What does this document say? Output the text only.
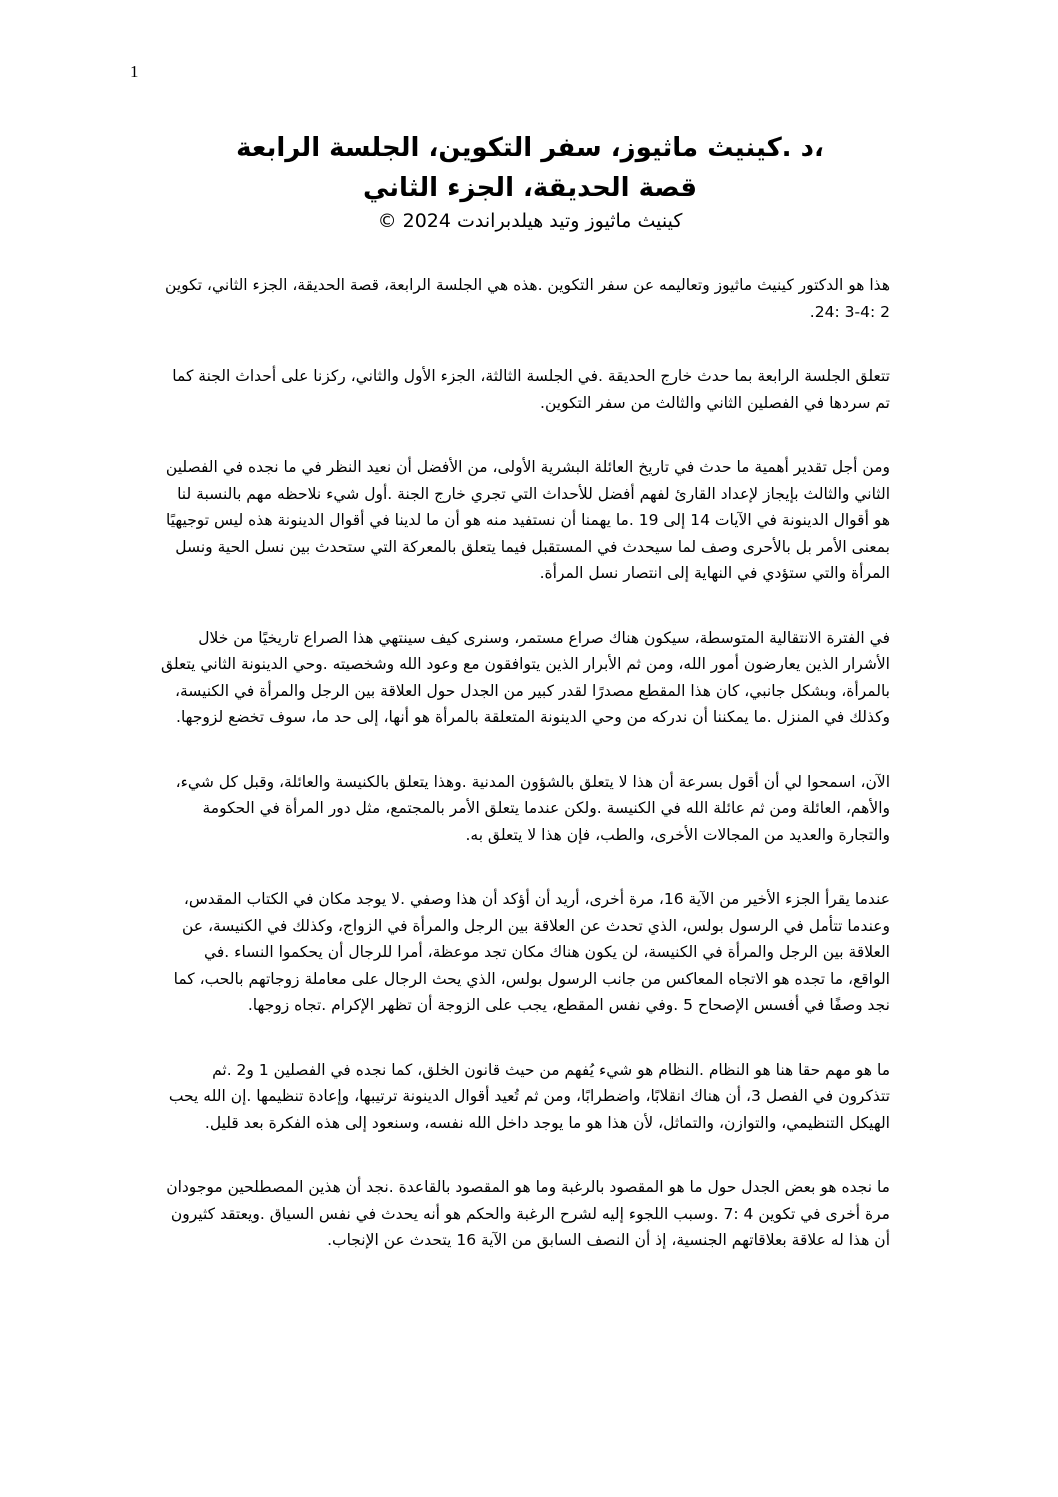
1

،د .كينيث ماثيوز، سفر التكوين، الجلسة الرابعة

قصة الحديقة، الجزء الثاني

كينيث ماثيوز وتيد هيلدبراندت 2024 ©

هذا هو الدكتور كينيث ماثيوز وتعاليمه عن سفر التكوين .هذه هي الجلسة الرابعة، قصة الحديقة، الجزء الثاني، تكوين 2 :4-3 :24.

تتعلق الجلسة الرابعة بما حدث خارج الحديقة .في الجلسة الثالثة، الجزء الأول والثاني، ركزنا على أحداث الجنة كما تم سردها في الفصلين الثاني والثالث من سفر التكوين.

ومن أجل تقدير أهمية ما حدث في تاريخ العائلة البشرية الأولى، من الأفضل أن نعيد النظر في ما نجده في الفصلين الثاني والثالث بإيجاز لإعداد القارئ لفهم أفضل للأحداث التي تجري خارج الجنة .أول شيء نلاحظه مهم بالنسبة لنا هو أقوال الدينونة في الآيات 14 إلى 19 .ما يهمنا أن نستفيد منه هو أن ما لدينا في أقوال الدينونة هذه ليس توجيهيًا بمعنى الأمر بل بالأحرى وصف لما سيحدث في المستقبل فيما يتعلق بالمعركة التي ستحدث بين نسل الحية ونسل المرأة والتي ستؤدي في النهاية إلى انتصار نسل المرأة.

في الفترة الانتقالية المتوسطة، سيكون هناك صراع مستمر، وسنرى كيف سينتهي هذا الصراع تاريخيًا من خلال الأشرار الذين يعارضون أمور الله، ومن ثم الأبرار الذين يتوافقون مع وعود الله وشخصيته .وحي الدينونة الثاني يتعلق بالمرأة، وبشكل جانبي، كان هذا المقطع مصدرًا لقدر كبير من الجدل حول العلاقة بين الرجل والمرأة في الكنيسة، وكذلك في المنزل .ما يمكننا أن ندركه من وحي الدينونة المتعلقة بالمرأة هو أنها، إلى حد ما، سوف تخضع لزوجها.

الآن، اسمحوا لي أن أقول بسرعة أن هذا لا يتعلق بالشؤون المدنية .وهذا يتعلق بالكنيسة والعائلة، وقبل كل شيء، والأهم، العائلة ومن ثم عائلة الله في الكنيسة .ولكن عندما يتعلق الأمر بالمجتمع، مثل دور المرأة في الحكومة والتجارة والعديد من المجالات الأخرى، والطب، فإن هذا لا يتعلق به.

عندما يقرأ الجزء الأخير من الآية 16، مرة أخرى، أريد أن أؤكد أن هذا وصفي .لا يوجد مكان في الكتاب المقدس، وعندما تتأمل في الرسول بولس، الذي تحدث عن العلاقة بين الرجل والمرأة في الزواج، وكذلك في الكنيسة، عن العلاقة بين الرجل والمرأة في الكنيسة، لن يكون هناك مكان تجد موعظة، أمرا للرجال أن يحكموا النساء .في الواقع، ما تجده هو الاتجاه المعاكس من جانب الرسول بولس، الذي يحث الرجال على معاملة زوجاتهم بالحب، كما نجد وصفًا في أفسس الإصحاح 5 .وفي نفس المقطع، يجب على الزوجة أن تظهر الإكرام .تجاه زوجها.

ما هو مهم حقا هنا هو النظام .النظام هو شيء يُفهم من حيث قانون الخلق، كما نجده في الفصلين 1 و2 .ثم تتذكرون في الفصل 3، أن هناك انقلابًا، واضطرابًا، ومن ثم تُعيد أقوال الدينونة ترتيبها، وإعادة تنظيمها .إن الله يحب الهيكل التنظيمي، والتوازن، والتماثل، لأن هذا هو ما يوجد داخل الله نفسه، وسنعود إلى هذه الفكرة بعد قليل.

ما نجده هو بعض الجدل حول ما هو المقصود بالرغبة وما هو المقصود بالقاعدة .نجد أن هذين المصطلحين موجودان مرة أخرى في تكوين 4 :7 .وسبب اللجوء إليه لشرح الرغبة والحكم هو أنه يحدث في نفس السياق .ويعتقد كثيرون أن هذا له علاقة بعلاقاتهم الجنسية، إذ أن النصف السابق من الآية 16 يتحدث عن الإنجاب.
